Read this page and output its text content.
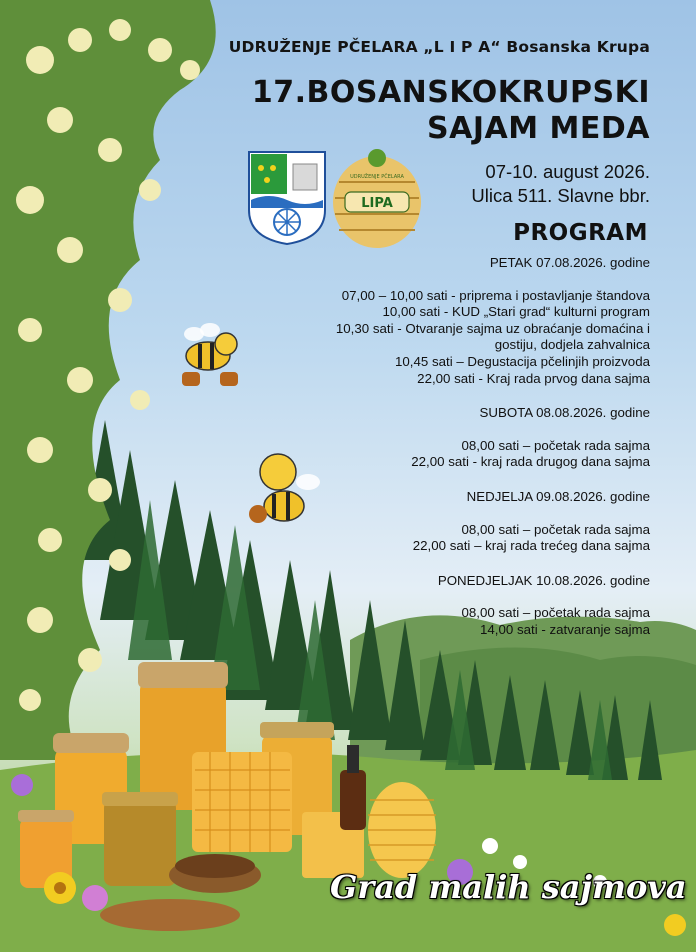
LIPA
UDRUŽENJE PČELARA
UDRUŽENJE PČELARA „L I P A“ Bosanska Krupa
17.BOSANSKOKRUPSKI
SAJAM MEDA
07-10. august 2026.
Ulica 511. Slavne bbr.
PROGRAM

PETAK 07.08.2026. godine

07,00 – 10,00 sati - priprema i postavljanje štandova

10,00 sati - KUD „Stari grad“ kulturni program

10,30 sati - Otvaranje sajma uz obraćanje domaćina i

gostiju, dodjela zahvalnica

10,45 sati – Degustacija pčelinjih proizvoda

22,00 sati - Kraj rada prvog dana sajma

SUBOTA 08.08.2026. godine

08,00 sati – početak rada sajma

22,00 sati - kraj rada drugog dana sajma

NEDJELJA 09.08.2026. godine

08,00 sati – početak rada sajma

22,00 sati – kraj rada trećeg dana sajma

PONEDJELJAK 10.08.2026. godine

08,00 sati – početak rada sajma

14,00 sati - zatvaranje sajma

Grad malih sajmova
